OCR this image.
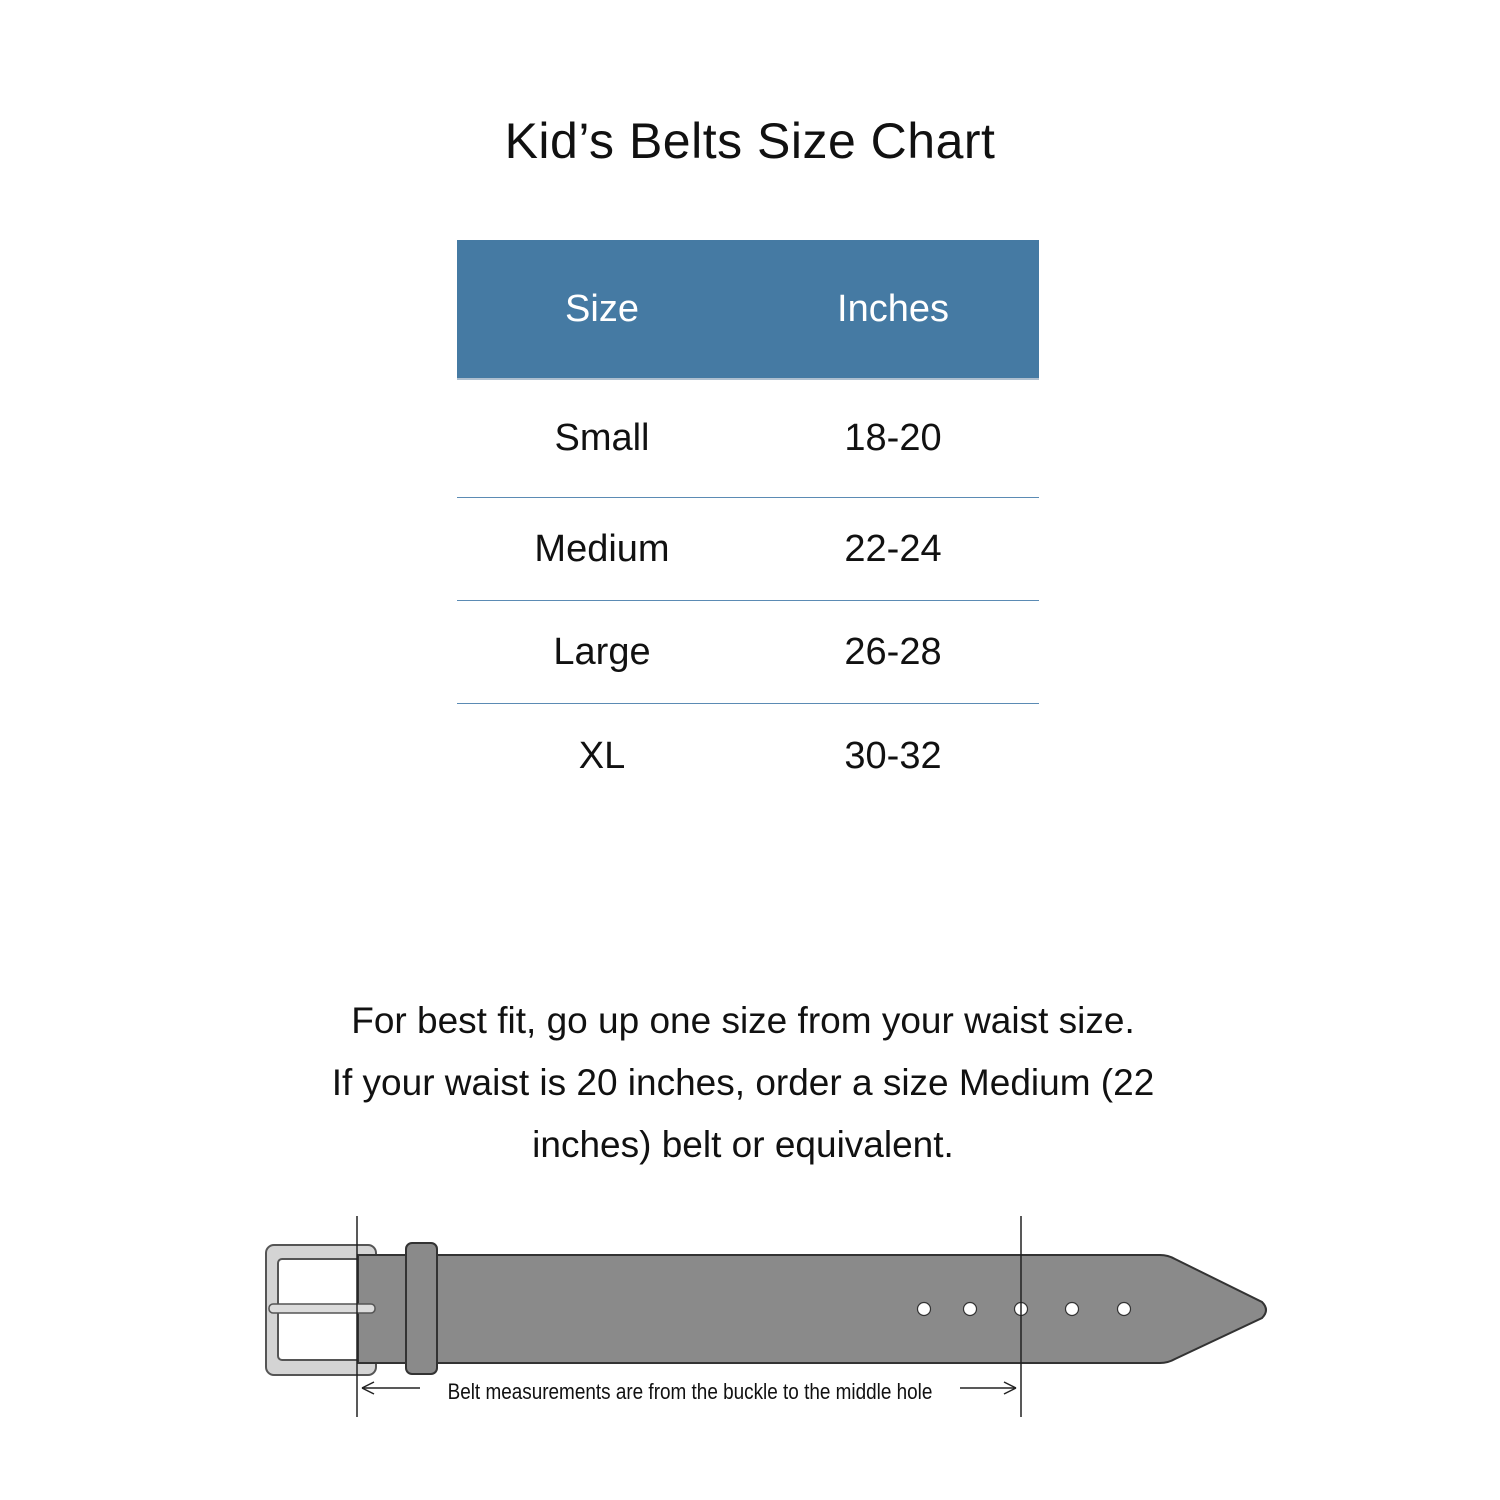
Kid’s Belts Size Chart
Size	Inches
Small	18-20
Medium	22-24
Large	26-28
XL	30-32
For best fit, go up one size from your waist size.
If your waist is 20 inches, order a size Medium (22
inches) belt or equivalent.
Belt measurements are from the buckle to the middle hole
